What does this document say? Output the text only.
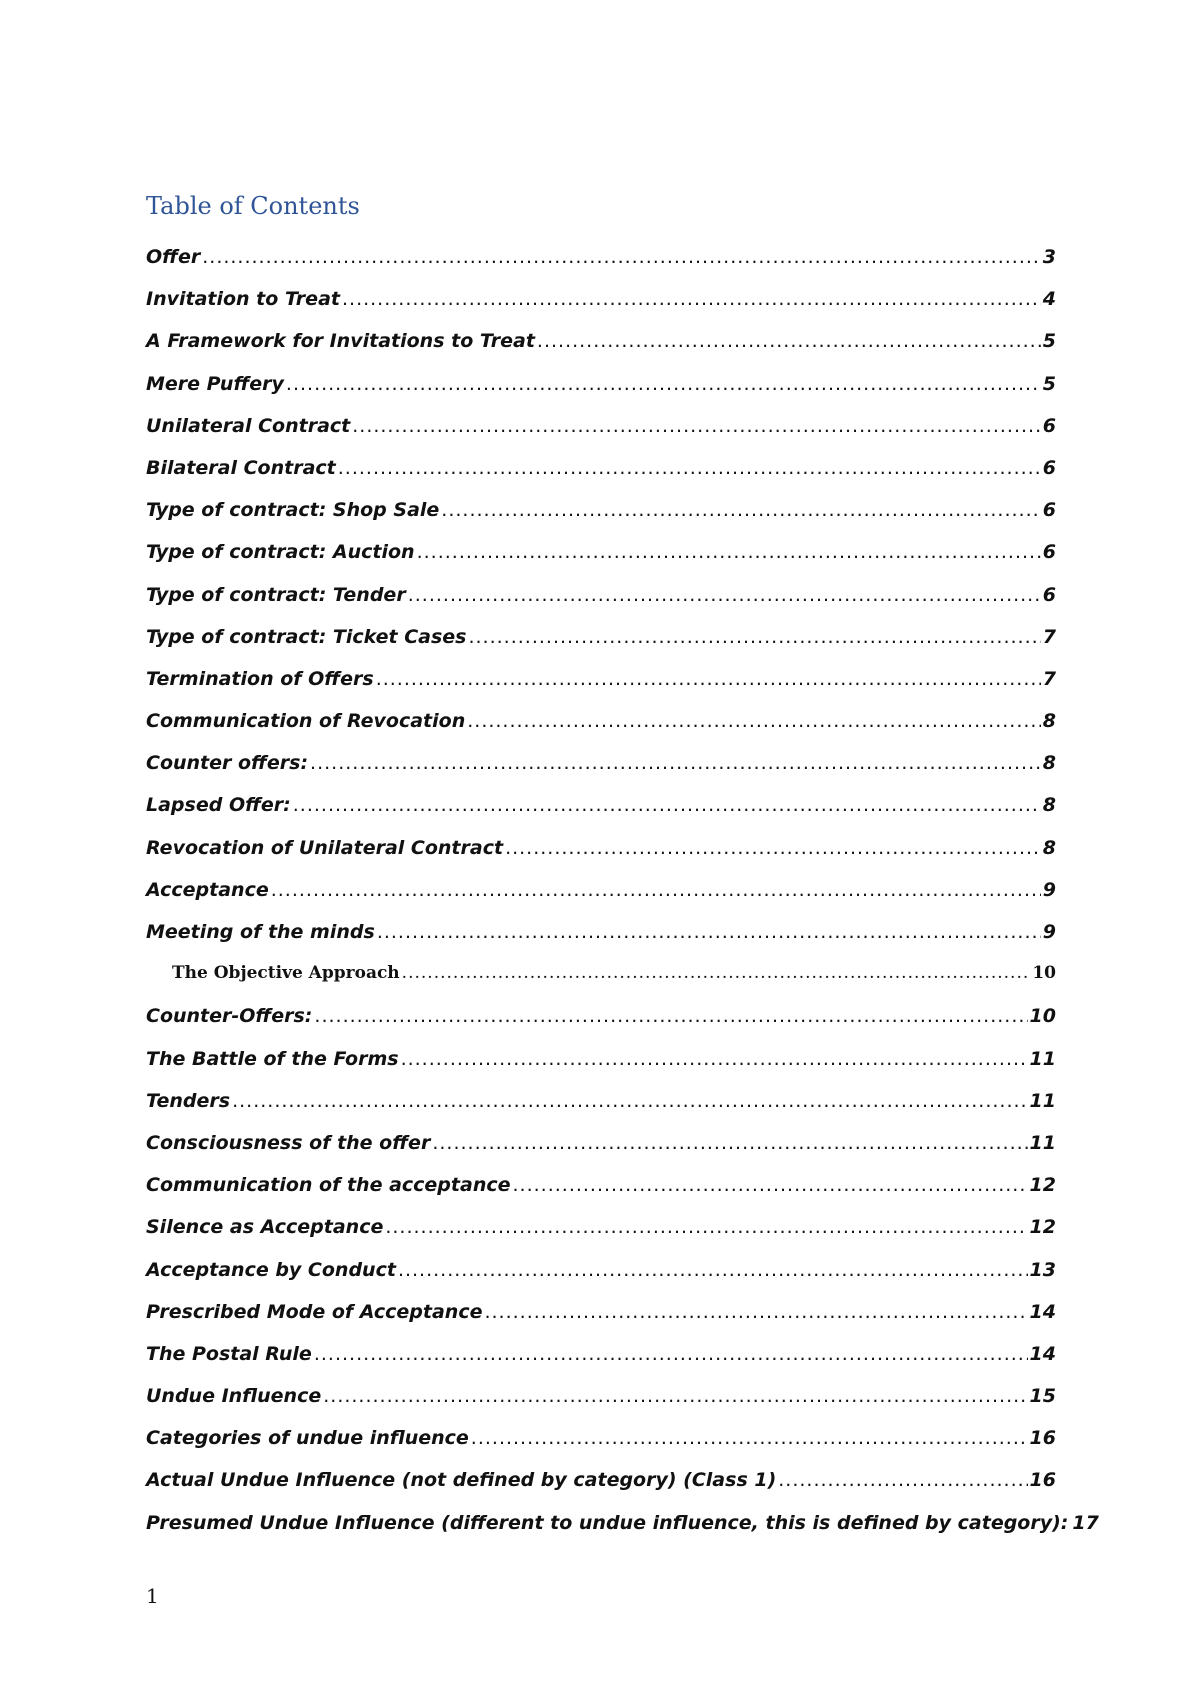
Table of Contents
Offer .....	3
Invitation to Treat .....	4
A Framework for Invitations to Treat .....	5
Mere Puffery .....	5
Unilateral Contract .....	6
Bilateral Contract .....	6
Type of contract: Shop Sale .....	6
Type of contract: Auction .....	6
Type of contract: Tender .....	6
Type of contract: Ticket Cases .....	7
Termination of Offers .....	7
Communication of Revocation .....	8
Counter offers: .....	8
Lapsed Offer: .....	8
Revocation of Unilateral Contract .....	8
Acceptance .....	9
Meeting of the minds .....	9
The Objective Approach .....	10
Counter-Offers: .....	10
The Battle of the Forms .....	11
Tenders .....	11
Consciousness of the offer .....	11
Communication of the acceptance .....	12
Silence as Acceptance .....	12
Acceptance by Conduct .....	13
Prescribed Mode of Acceptance .....	14
The Postal Rule .....	14
Undue Influence .....	15
Categories of undue influence .....	16
Actual Undue Influence (not defined by category) (Class 1) .....	16
Presumed Undue Influence (different to undue influence, this is defined by category): 17
1
